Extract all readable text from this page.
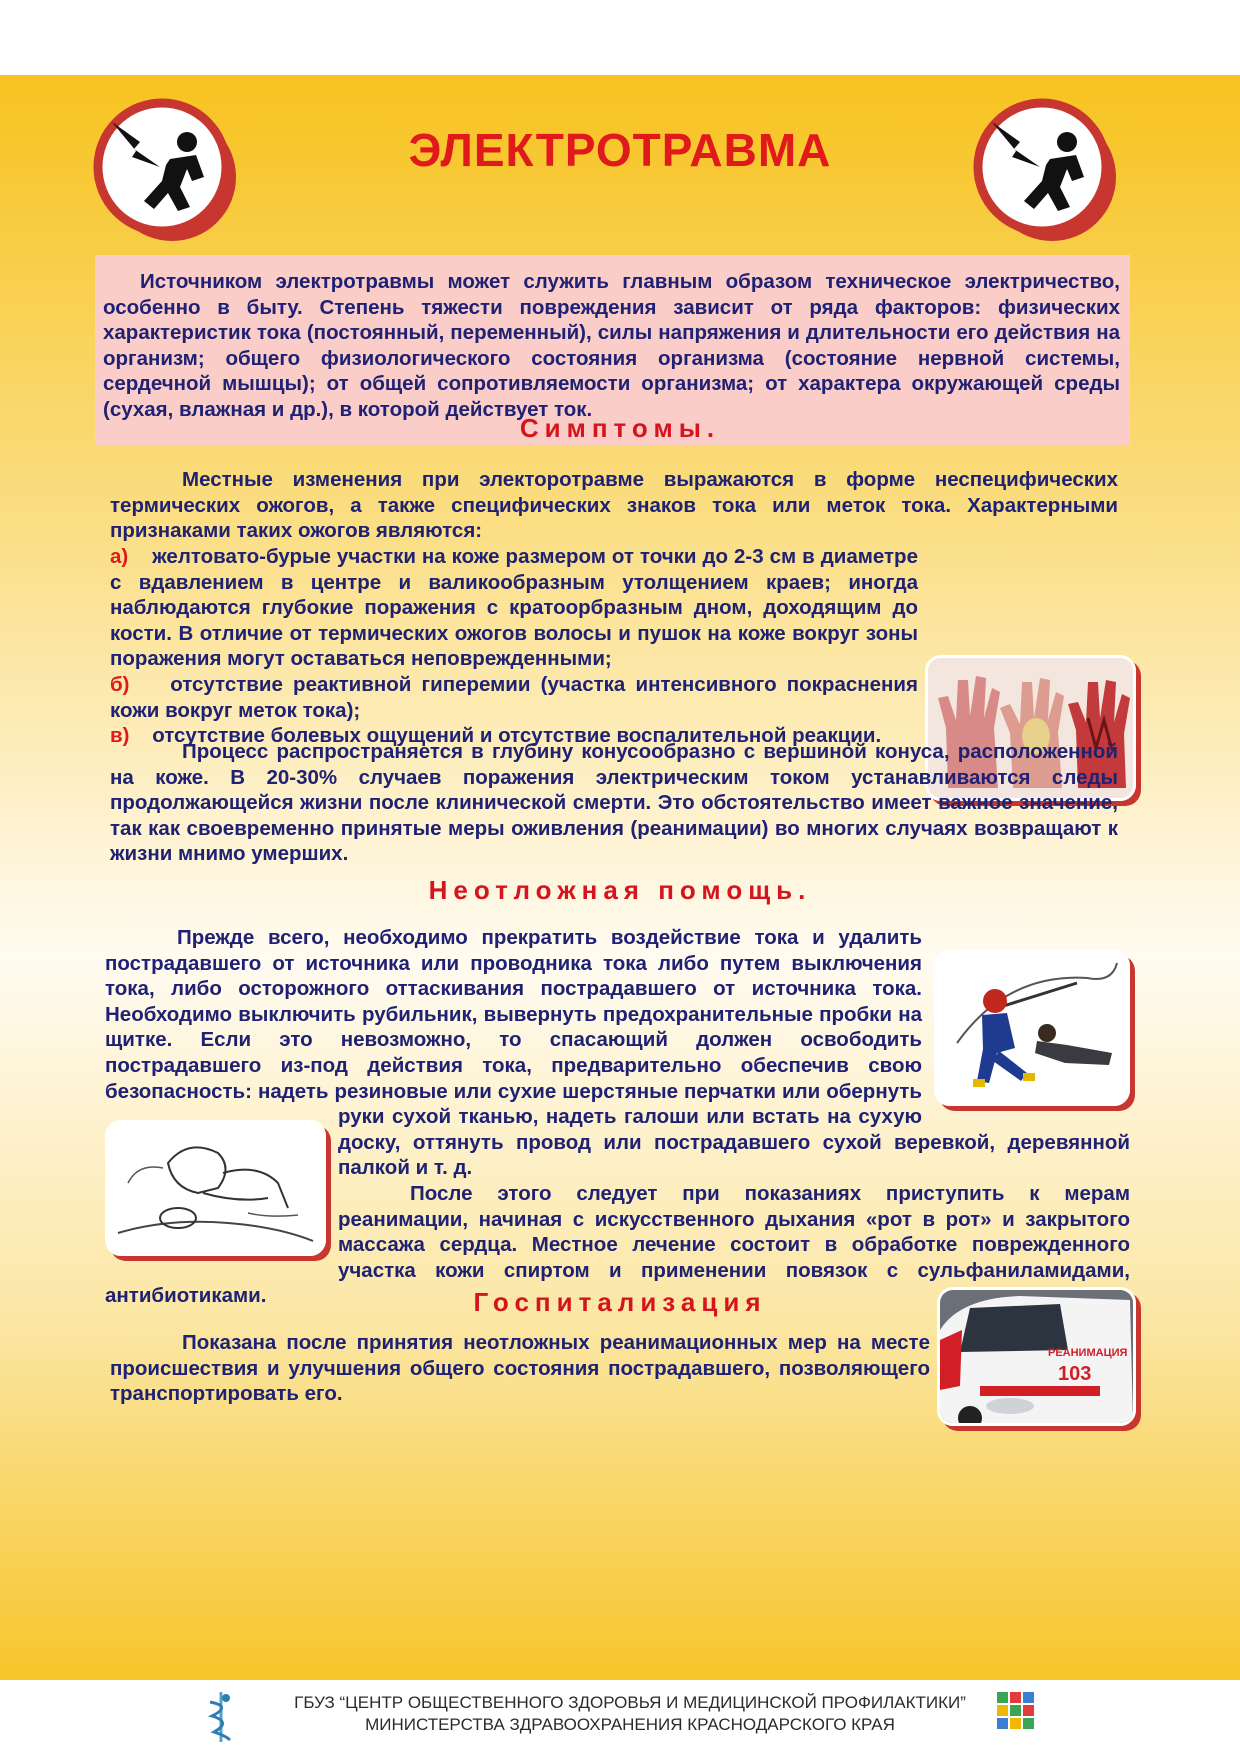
ЭЛЕКТРОТРАВМА

Источником электротравмы может служить главным образом техническое электричество, особенно в быту. Степень тяжести повреждения зависит от ряда факторов: физических характеристик тока (постоянный, переменный), силы напряжения и длительности его действия на организм; общего физиологического состояния организма (состояние нервной системы, сердечной мышцы); от общей сопротивляемости организма; от характера окружающей среды (сухая, влажная и др.), в которой действует ток.

Симптомы.

Местные изменения при электоротравме выражаются в форме неспецифических термических ожогов, а также специфических знаков тока или меток тока. Характерными признаками таких ожогов являются:

а) желтовато-бурые участки на коже размером от точки до 2-3 см в диаметре с вдавлением в центре и валикообразным утолщением краев; иногда наблюдаются глубокие поражения с кратоорбразным дном, доходящим до кости. В отличие от термических ожогов волосы и пушок на коже вокруг зоны поражения могут оставаться неповрежденными;

б) отсутствие реактивной гиперемии (участка интенсивного покраснения кожи вокруг меток тока);

в) отсутствие болевых ощущений и отсутствие воспалительной реакции.

Процесс распространяется в глубину конусообразно с вершиной конуса, расположенной на коже. В 20-30% случаев поражения электрическим током устанавливаются следы продолжающейся жизни после клинической смерти. Это обстоятельство имеет важное значение, так как своевременно принятые меры оживления (реанимации) во многих случаях возвращают к жизни мнимо умерших.

Неотложная помощь.

Прежде всего, необходимо прекратить воздействие тока и удалить пострадавшего от источника или проводника тока либо путем выключения тока, либо осторожного оттаскивания пострадавшего от источника тока. Необходимо выключить рубильник, вывернуть предохранительные пробки на щитке. Если это невозможно, то спасающий должен освободить пострадавшего из-под действия тока, предварительно обеспечив свою безопасность: надеть резиновые или сухие шерстяные перчатки или обернуть руки сухой тканью, надеть галоши или встать на сухую доску, оттянуть провод или пострадавшего сухой веревкой, деревянной палкой и т. д.

После этого следует при показаниях приступить к мерам реанимации, начиная с искусственного дыхания «рот в рот» и закрытого массажа сердца. Местное лечение состоит в обработке поврежденного участка кожи спиртом и применении повязок с сульфаниламидами, антибиотиками.	Госпитализация

Показана после принятия неотложных реанимационных мер на месте происшествия и улучшения общего состояния пострадавшего, позволяющего транспортировать его.

РЕАНИМАЦИЯ
103

ГБУЗ “ЦЕНТР ОБЩЕСТВЕННОГО ЗДОРОВЬЯ И МЕДИЦИНСКОЙ ПРОФИЛАКТИКИ”
МИНИСТЕРСТВА ЗДРАВООХРАНЕНИЯ КРАСНОДАРСКОГО КРАЯ
